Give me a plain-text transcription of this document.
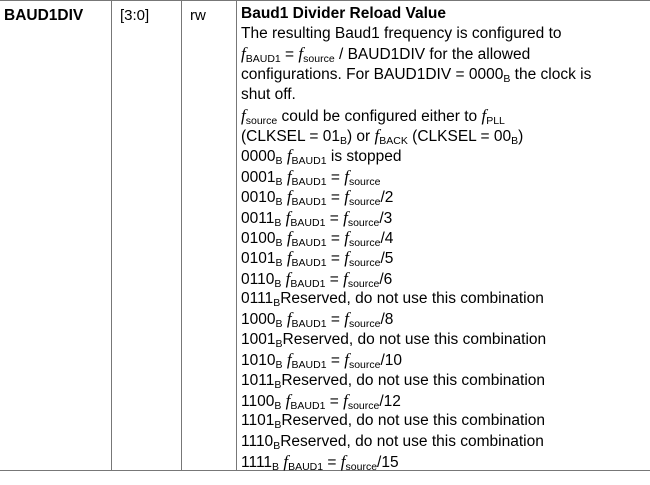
BAUD1DIV [3:0]	rw Baud1 Divider Reload Value
The resulting Baud1 frequency is configured to
$f_{BAUD1} = f_{source}$ / BAUD1DIV for the allowed
configurations. For BAUD1DIV = $0000_B$ the clock is
shut off.
$f_{source}$ could be configured either to $f_{PLL}$
(CLKSEL = $01_B$) or $f_{BACK}$ (CLKSEL = $00_B$)
$0000_B$ $f_{BAUD1}$ is stopped
$0001_B$ $f_{BAUD1} = f_{source}$
$0010_B$ $f_{BAUD1} = f_{source}/2$
$0011_B$ $f_{BAUD1} = f_{source}/3$
$0100_B$ $f_{BAUD1} = f_{source}/4$
$0101_B$ $f_{BAUD1} = f_{source}/5$
$0110_B$ $f_{BAUD1} = f_{source}/6$
$0111_BReserved$, do not use this combination
$1000_B$ $f_{BAUD1} = f_{source}/8$
$1001_BReserved$, do not use this combination
$1010_B$ $f_{BAUD1} = f_{source}/10$
$1011_BReserved$, do not use this combination
$1100_B$ $f_{BAUD1} = f_{source}/12$
$1101_BReserved$, do not use this combination
$1110_BReserved$, do not use this combination
$1111_B$ $f_{BAUD1} = f_{source}/15$
